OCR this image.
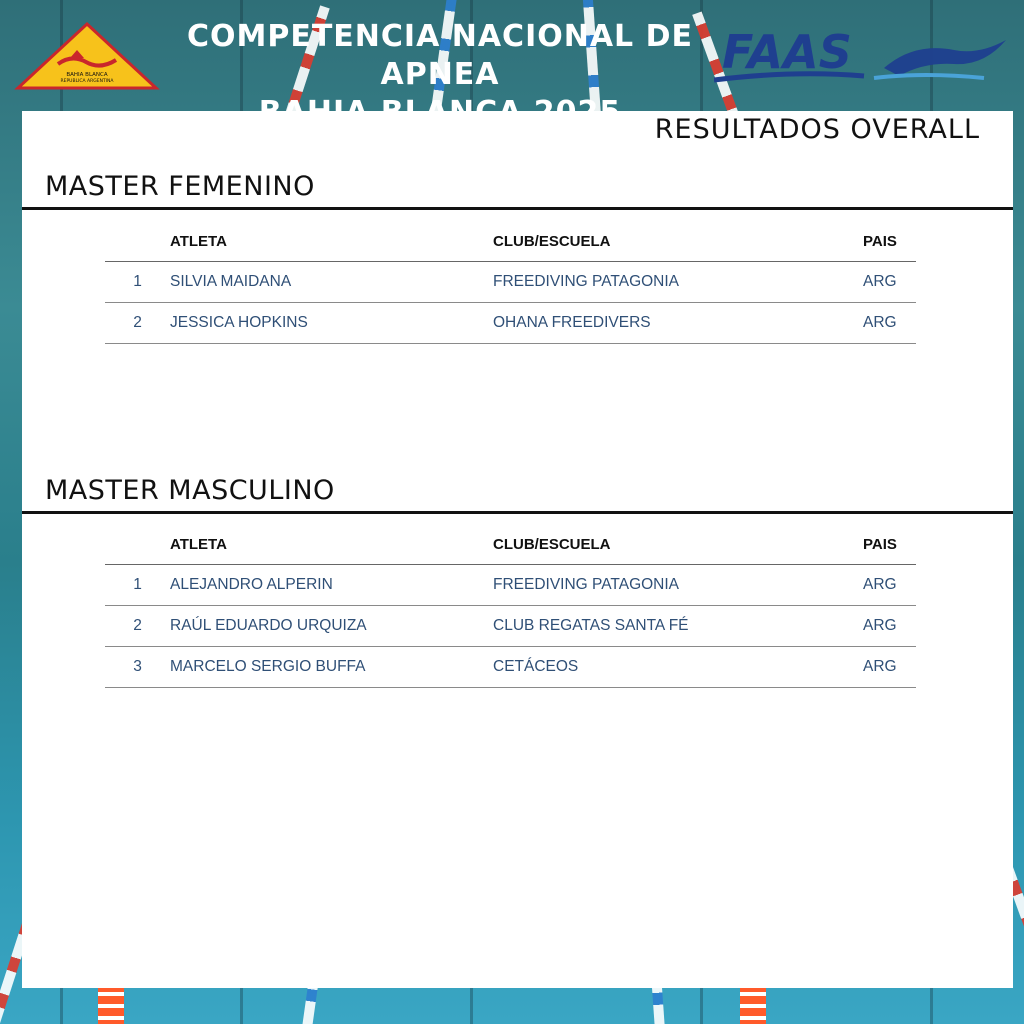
BAHIA BLANCA
REPUBLICA ARGENTINA
COMPETENCIA NACIONAL DE APNEA	FAAS
RESULTADOS OVERALL
MASTER FEMENINO
	ATLETA	CLUB/ESCUELA	PAIS
1	SILVIA MAIDANA	FREEDIVING PATAGONIA	ARG
2	JESSICA HOPKINS	OHANA FREEDIVERS	ARG
MASTER MASCULINO
	ATLETA	CLUB/ESCUELA	PAIS
1	ALEJANDRO ALPERIN	FREEDIVING PATAGONIA	ARG
2	RAÚL EDUARDO URQUIZA	CLUB REGATAS SANTA FÉ	ARG
3	MARCELO SERGIO BUFFA	CETÁCEOS	ARG
